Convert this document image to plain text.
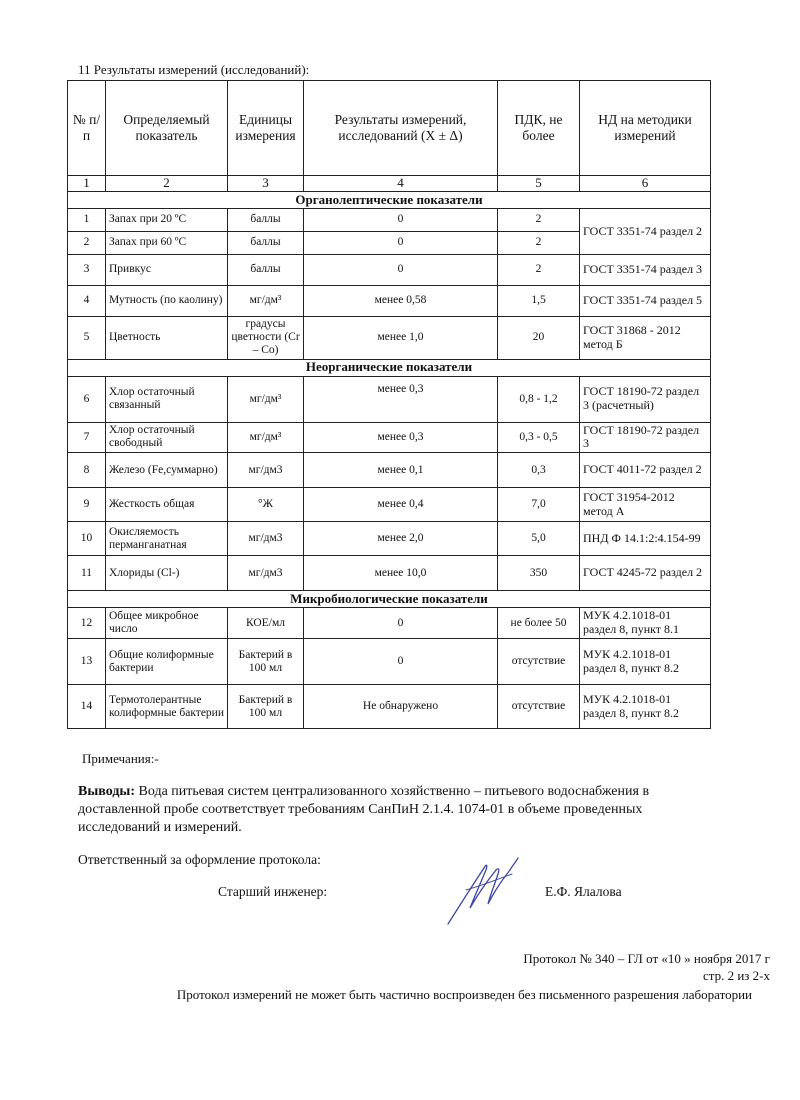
11 Результаты измерений (исследований):
№ п/п	Определяемый показатель	Единицы измерения	Результаты измерений, исследований (Х ± Δ)	ПДК, не более	НД на методики измерений
1	2	3	4	5	6
Органолептические показатели					
1	Запах при 20 ºС	баллы	0	2	ГОСТ 3351-74 раздел 2
2	Запах при 60 ºС	баллы	0	2	
3	Привкус	баллы	0	2	ГОСТ 3351-74 раздел 3
4	Мутность (по каолину)	мг/дм³	менее 0,58	1,5	ГОСТ 3351-74 раздел 5
5	Цветность	градусы цветности (Cr – Co)	менее 1,0	20	ГОСТ 31868 - 2012 метод Б
Неорганические показатели					
6	Хлор остаточный связанный	мг/дм³	менее 0,3	0,8 - 1,2	ГОСТ 18190-72 раздел 3 (расчетный)
7	Хлор остаточный свободный	мг/дм³	менее 0,3	0,3 - 0,5	ГОСТ 18190-72 раздел 3
8	Железо (Fe,суммарно)	мг/дм3	менее 0,1	0,3	ГОСТ 4011-72 раздел 2
9	Жесткость общая	°Ж	менее 0,4	7,0	ГОСТ 31954-2012 метод А
10	Окисляемость перманганатная	мг/дм3	менее 2,0	5,0	ПНД Ф 14.1:2:4.154-99
11	Хлориды (Cl-)	мг/дм3	менее 10,0	350	ГОСТ 4245-72 раздел 2
Микробиологические показатели					
12	Общее микробное число	КОЕ/мл	0	не более 50	МУК 4.2.1018-01 раздел 8, пункт 8.1
13	Общие колиформные бактерии	Бактерий в 100 мл	0	отсутствие	МУК 4.2.1018-01 раздел 8, пункт 8.2
14	Термотолерантные колиформные бактерии	Бактерий в 100 мл	Не обнаружено	отсутствие	МУК 4.2.1018-01 раздел 8, пункт 8.2
Примечания:-
Выводы: Вода питьевая систем централизованного хозяйственно – питьевого водоснабжения в доставленной пробе соответствует требованиям СанПиН 2.1.4. 1074-01 в объеме проведенных исследований и измерений.
Ответственный за оформление протокола:
Старший инженер:	Е.Ф. Ялалова
Протокол № 340 – ГЛ от «10 » ноября 2017 г
стр. 2 из 2-х
Протокол измерений не может быть частично воспроизведен без письменного разрешения лаборатории
